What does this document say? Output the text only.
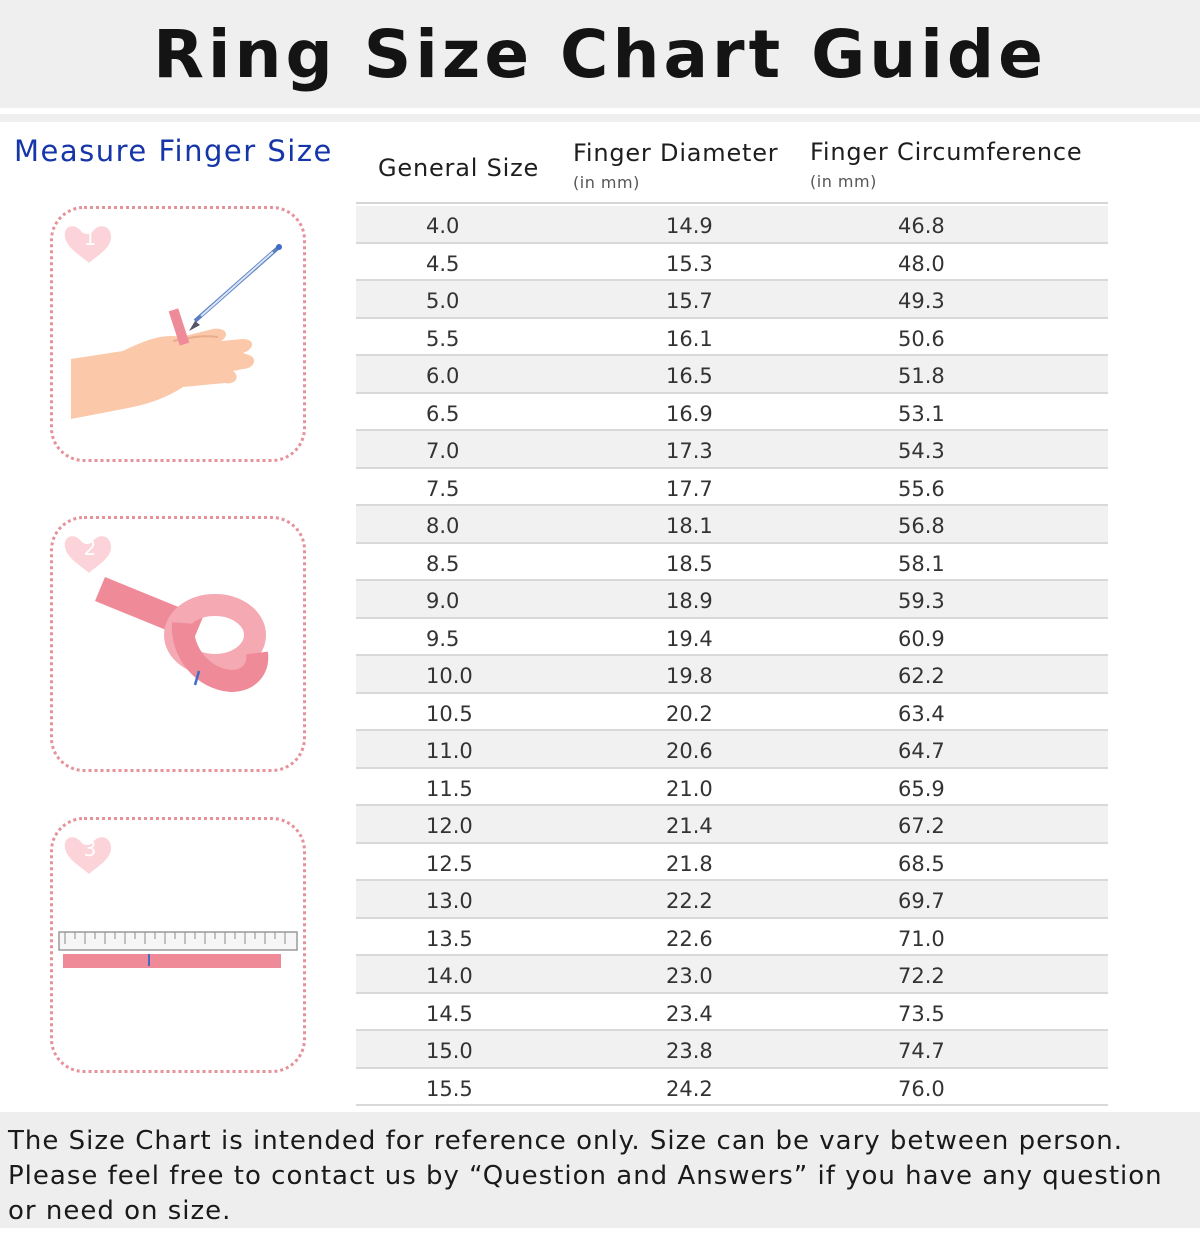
Ring Size Chart Guide
Measure Finger Size
1
2
3
General Size
Finger Diameter
(in mm)
Finger Circumference
(in mm)
4.0	14.9	46.8
4.5	15.3	48.0
5.0	15.7	49.3
5.5	16.1	50.6
6.0	16.5	51.8
6.5	16.9	53.1
7.0	17.3	54.3
7.5	17.7	55.6
8.0	18.1	56.8
8.5	18.5	58.1
9.0	18.9	59.3
9.5	19.4	60.9
10.0	19.8	62.2
10.5	20.2	63.4
11.0	20.6	64.7
11.5	21.0	65.9
12.0	21.4	67.2
12.5	21.8	68.5
13.0	22.2	69.7
13.5	22.6	71.0
14.0	23.0	72.2
14.5	23.4	73.5
15.0	23.8	74.7
15.5	24.2	76.0
The Size Chart is intended for reference only. Size can be vary between person.
Please feel free to contact us by “Question and Answers” if you have any question
or need on size.
